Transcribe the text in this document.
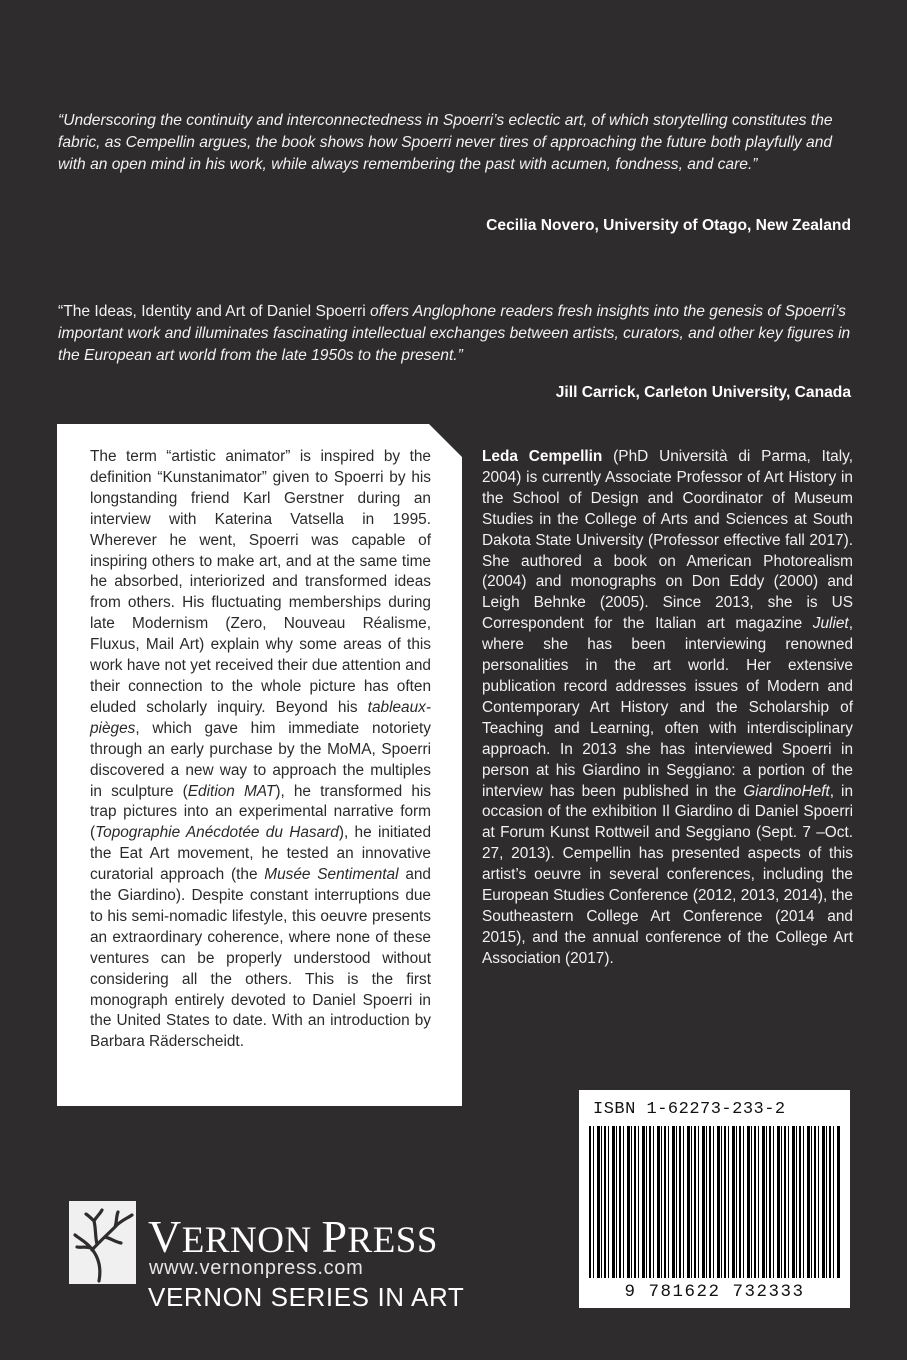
“Underscoring the continuity and interconnectedness in Spoerri’s eclectic art, of which storytelling constitutes the fabric, as Cempellin argues, the book shows how Spoerri never tires of approaching the future both playfully and with an open mind in his work, while always remembering the past with acumen, fondness, and care.”
Cecilia Novero, University of Otago, New Zealand
“The Ideas, Identity and Art of Daniel Spoerri offers Anglophone readers fresh insights into the genesis of Spoerri’s important work and illuminates fascinating intellectual exchanges between artists, curators, and other key figures in the European art world from the late 1950s to the present.”
Jill Carrick, Carleton University, Canada
The term “artistic animator” is inspired by the definition “Kunstanimator” given to Spoerri by his longstanding friend Karl Gerstner during an interview with Katerina Vatsella in 1995. Wherever he went, Spoerri was capable of inspiring others to make art, and at the same time he absorbed, interiorized and transformed ideas from others. His fluctuating memberships during late Modernism (Zero, Nouveau Réalisme, Fluxus, Mail Art) explain why some areas of this work have not yet received their due attention and their connection to the whole picture has often eluded scholarly inquiry. Beyond his tableaux-pièges, which gave him immediate notoriety through an early purchase by the MoMA, Spoerri discovered a new way to approach the multiples in sculpture (Edition MAT), he transformed his trap pictures into an experimental narrative form (Topographie Anécdotée du Hasard), he initiated the Eat Art movement, he tested an innovative curatorial approach (the Musée Sentimental and the Giardino). Despite constant interruptions due to his semi-nomadic lifestyle, this oeuvre presents an extraordinary coherence, where none of these ventures can be properly understood without considering all the others. This is the first monograph entirely devoted to Daniel Spoerri in the United States to date. With an introduction by Barbara Räderscheidt.
Leda Cempellin (PhD Università di Parma, Italy, 2004) is currently Associate Professor of Art History in the School of Design and Coordinator of Museum Studies in the College of Arts and Sciences at South Dakota State University (Professor effective fall 2017). She authored a book on American Photorealism (2004) and monographs on Don Eddy (2000) and Leigh Behnke (2005). Since 2013, she is US Correspondent for the Italian art magazine Juliet, where she has been interviewing renowned personalities in the art world. Her extensive publication record addresses issues of Modern and Contemporary Art History and the Scholarship of Teaching and Learning, often with interdisciplinary approach. In 2013 she has interviewed Spoerri in person at his Giardino in Seggiano: a portion of the interview has been published in the GiardinoHeft, in occasion of the exhibition Il Giardino di Daniel Spoerri at Forum Kunst Rottweil and Seggiano (Sept. 7 –Oct. 27, 2013). Cempellin has presented aspects of this artist’s oeuvre in several conferences, including the European Studies Conference (2012, 2013, 2014), the Southeastern College Art Conference (2014 and 2015), and the annual conference of the College Art Association (2017).
ISBN 1-62273-233-2
9 781622 732333
VERNON PRESS
www.vernonpress.com
VERNON SERIES IN ART
